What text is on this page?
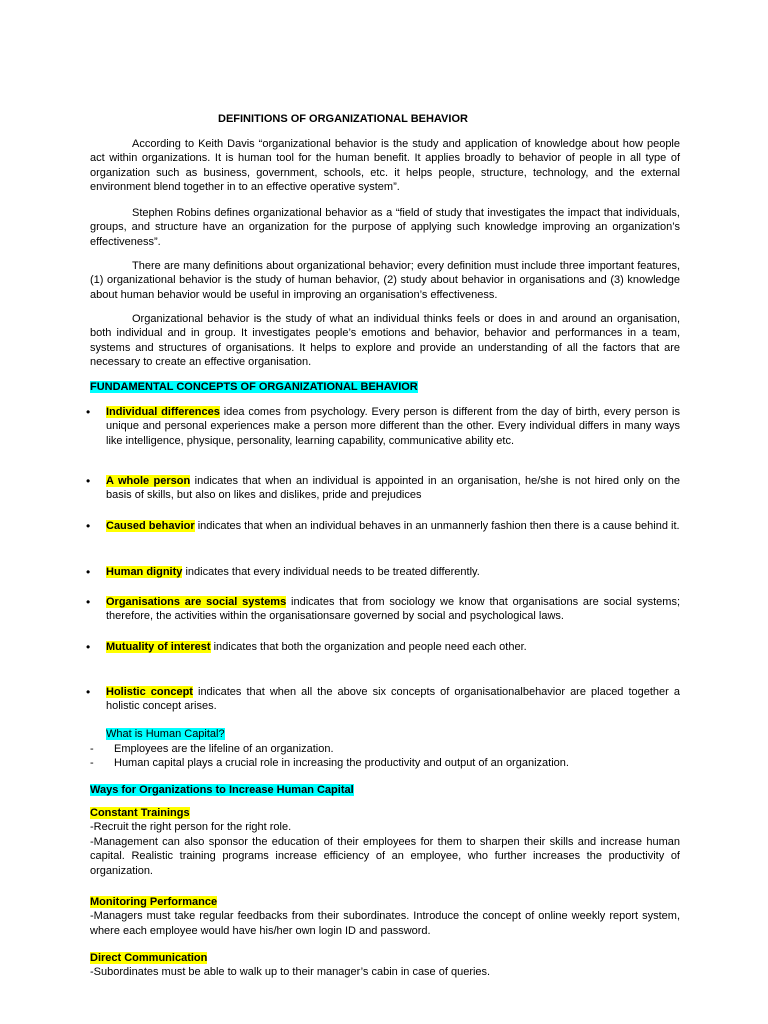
DEFINITIONS OF ORGANIZATIONAL BEHAVIOR

According to Keith Davis “organizational behavior is the study and application of knowledge about how people act within organizations. It is human tool for the human benefit. It applies broadly to behavior of people in all type of organization such as business, government, schools, etc. it helps people, structure, technology, and the external environment blend together in to an effective operative system”.

Stephen Robins defines organizational behavior as a “field of study that investigates the impact that individuals, groups, and structure have an organization for the purpose of applying such knowledge improving an organization’s effectiveness”.

There are many definitions about organizational behavior; every definition must include three important features, (1) organizational behavior is the study of human behavior, (2) study about behavior in organisations and (3) knowledge about human behavior would be useful in improving an organisation’s effectiveness.

Organizational behavior is the study of what an individual thinks feels or does in and around an organisation, both individual and in group. It investigates people’s emotions and behavior, behavior and performances in a team, systems and structures of organisations. It helps to explore and provide an understanding of all the factors that are necessary to create an effective organisation.

FUNDAMENTAL CONCEPTS OF ORGANIZATIONAL BEHAVIOR
• Individual differences idea comes from psychology. Every person is different from the day of birth, every person is unique and personal experiences make a person more different than the other. Every individual differs in many ways like intelligence, physique, personality, learning capability, communicative ability etc.
• A whole person indicates that when an individual is appointed in an organisation, he/she is not hired only on the basis of skills, but also on likes and dislikes, pride and prejudices
• Caused behavior indicates that when an individual behaves in an unmannerly fashion then there is a cause behind it.
• Human dignity indicates that every individual needs to be treated differently.
• Organisations are social systems indicates that from sociology we know that organisations are social systems; therefore, the activities within the organisationsare governed by social and psychological laws.
• Mutuality of interest indicates that both the organization and people need each other.
• Holistic concept indicates that when all the above six concepts of organisationalbehavior are placed together a holistic concept arises.
What is Human Capital?
- Employees are the lifeline of an organization.
- Human capital plays a crucial role in increasing the productivity and output of an organization.
Ways for Organizations to Increase Human Capital
Constant Trainings
-Recruit the right person for the right role.
-Management can also sponsor the education of their employees for them to sharpen their skills and increase human capital. Realistic training programs increase efficiency of an employee, who further increases the productivity of organization.
Monitoring Performance
-Managers must take regular feedbacks from their subordinates. Introduce the concept of online weekly report system, where each employee would have his/her own login ID and password.
Direct Communication
-Subordinates must be able to walk up to their manager’s cabin in case of queries.
